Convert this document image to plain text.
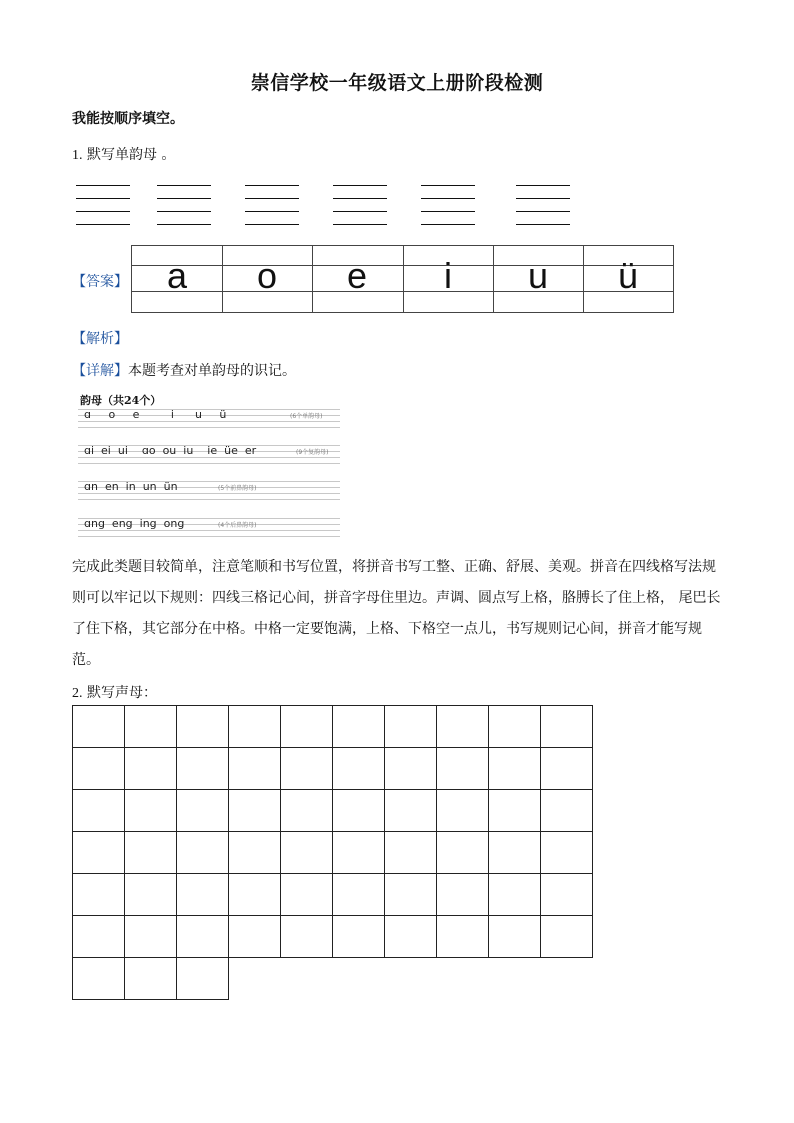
崇信学校一年级语文上册阶段检测
我能按顺序填空。
1. 默写单韵母 。
【答案】	a	o	e	i	u	ü
【解析】
【详解】本题考查对单韵母的识记。
韵母（共24个）
ɑ     o     e         i      u     ü	(6个单韵母)
ɑi  ei  ui    ɑo  ou  iu    ie  üe  er	(9个复韵母)
ɑn  en  in  un  ün	(5个前鼻韵母)
ɑng  eng  ing  ong	(4个后鼻韵母)
完成此类题目较简单，注意笔顺和书写位置，将拼音书写工整、正确、舒展、美观。拼音在四线格写法规则可以牢记以下规则：四线三格记心间，拼音字母住里边。声调、圆点写上格，胳膊长了住上格， 尾巴长了住下格，其它部分在中格。中格一定要饱满，上格、下格空一点儿，书写规则记心间，拼音才能写规范。
2. 默写声母：
